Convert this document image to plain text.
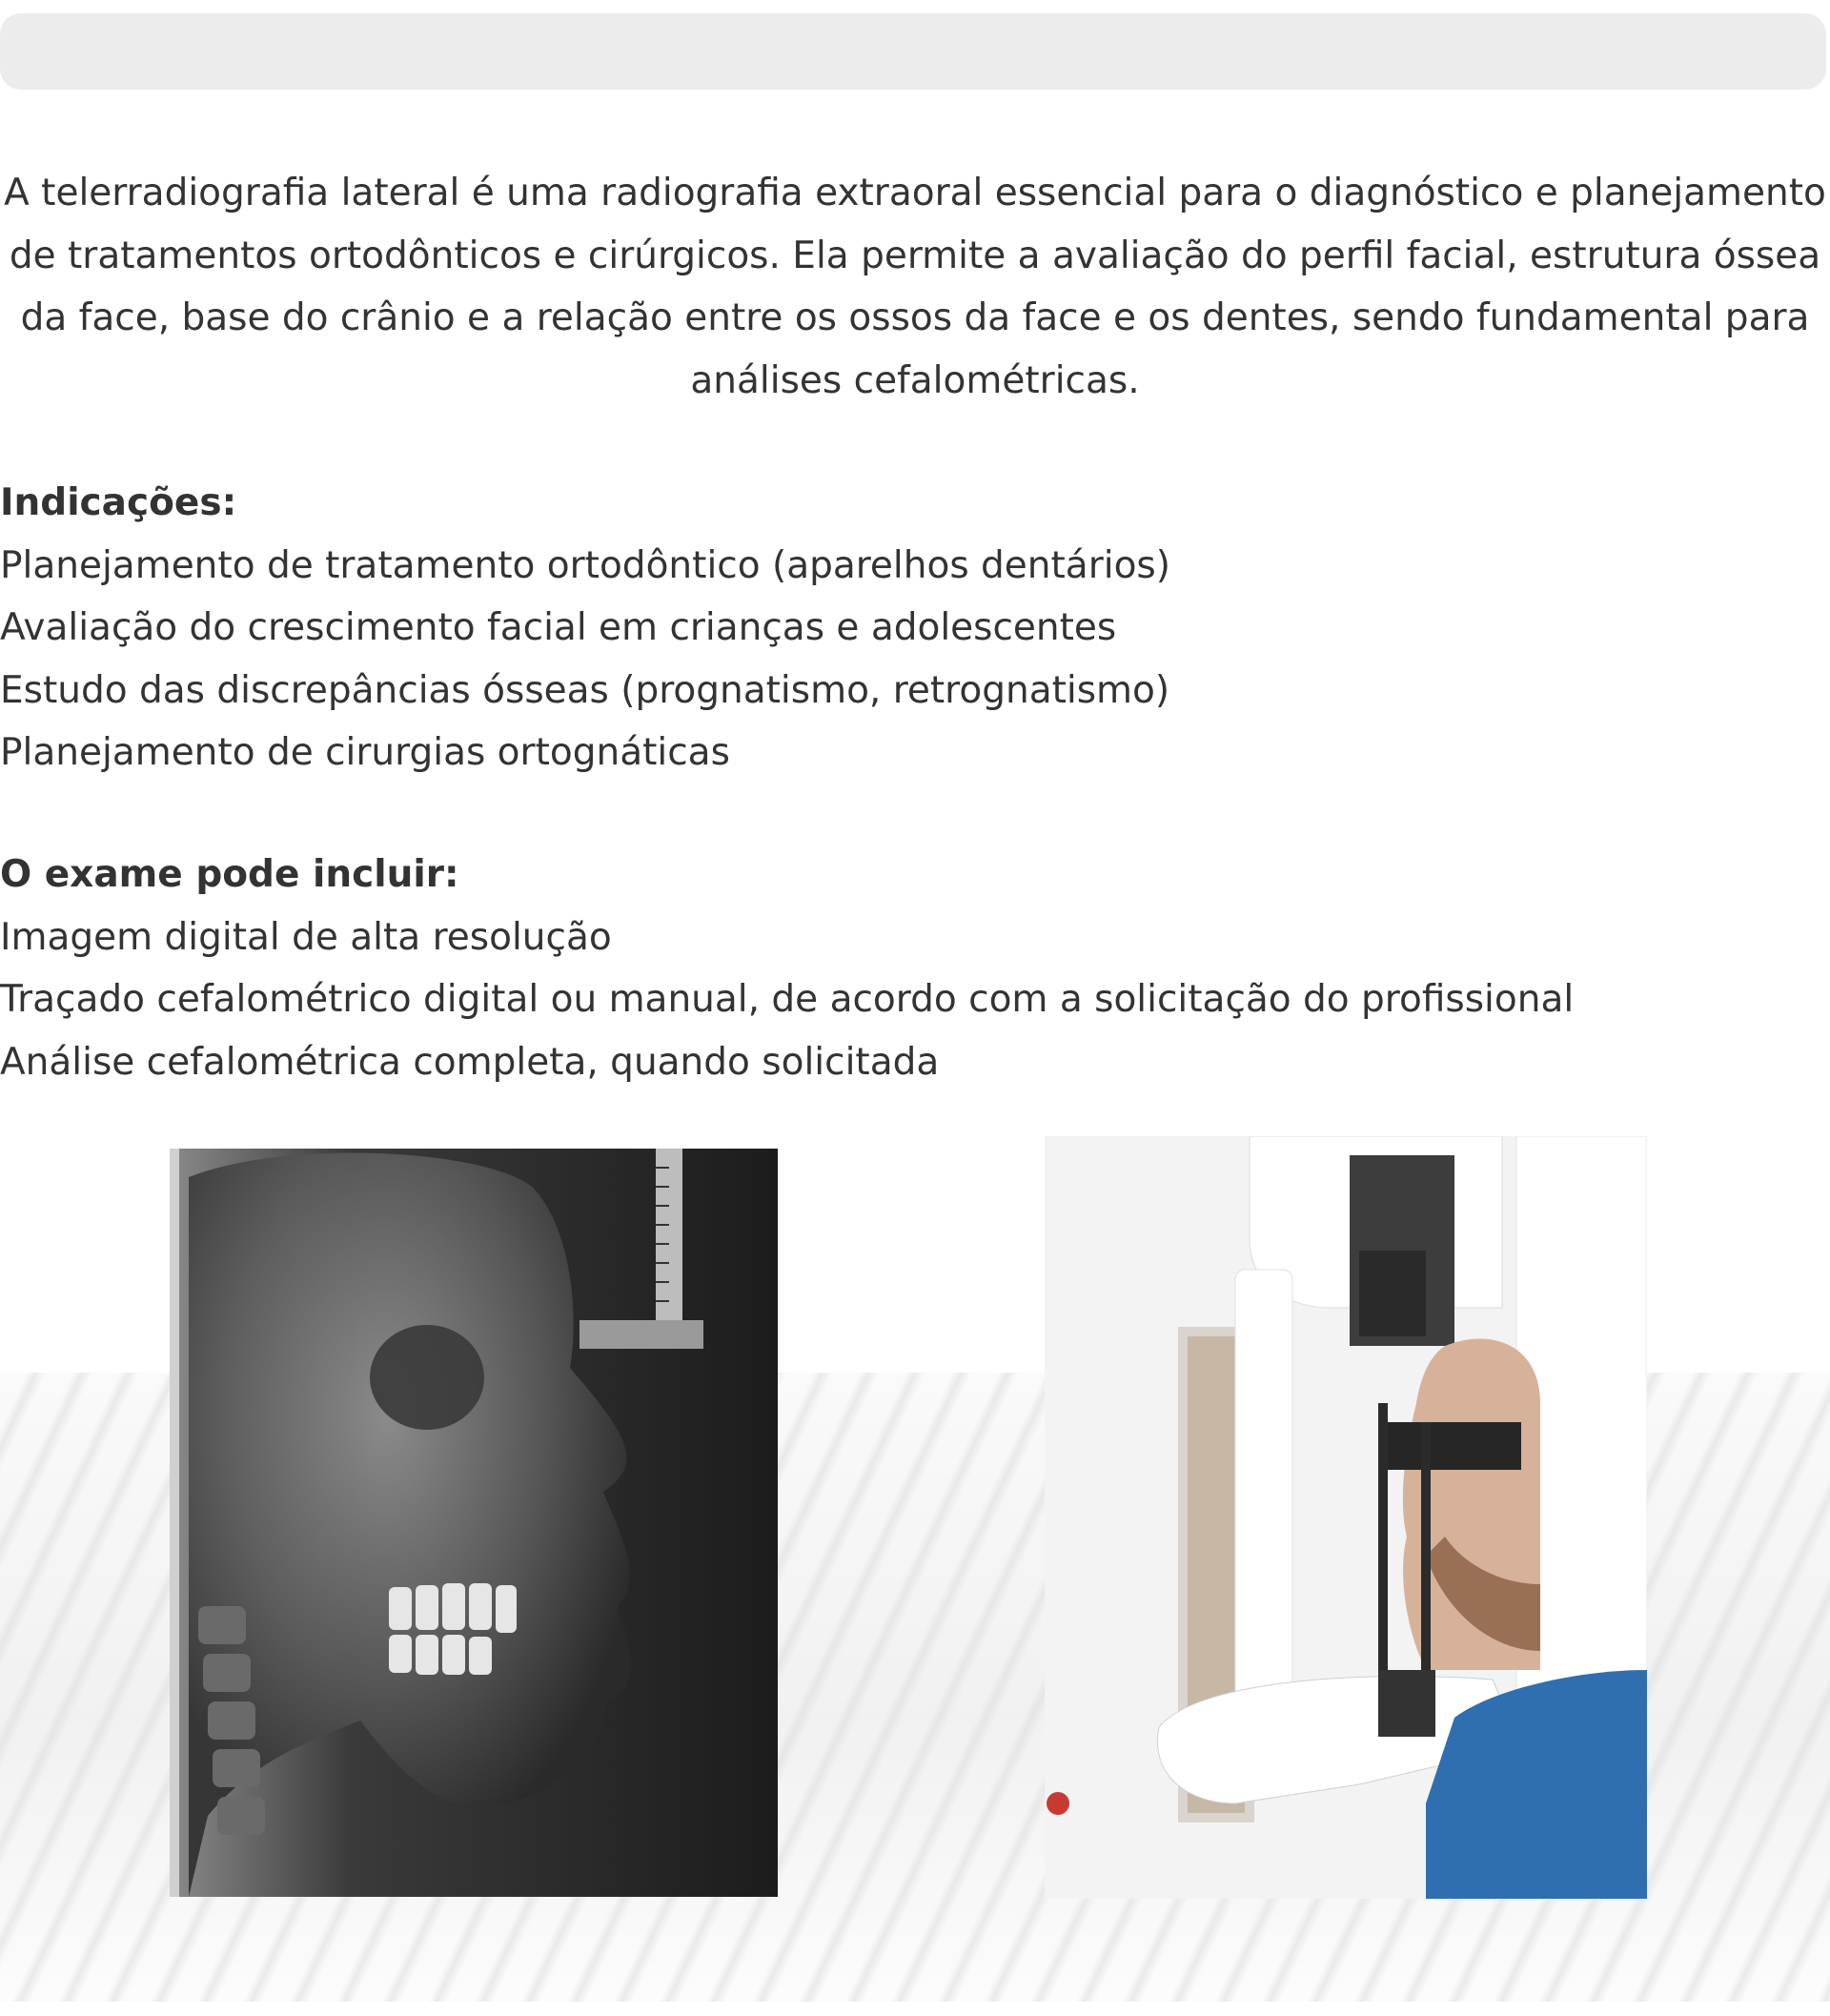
A telerradiografia lateral é uma radiografia extraoral essencial para o diagnóstico e planejamento de tratamentos ortodônticos e cirúrgicos. Ela permite a avaliação do perfil facial, estrutura óssea da face, base do crânio e a relação entre os ossos da face e os dentes, sendo fundamental para análises cefalométricas.

Indicações:
Planejamento de tratamento ortodôntico (aparelhos dentários)
Avaliação do crescimento facial em crianças e adolescentes
Estudo das discrepâncias ósseas (prognatismo, retrognatismo)
Planejamento de cirurgias ortognáticas
O exame pode incluir:
Imagem digital de alta resolução
Traçado cefalométrico digital ou manual, de acordo com a solicitação do profissional
Análise cefalométrica completa, quando solicitada
